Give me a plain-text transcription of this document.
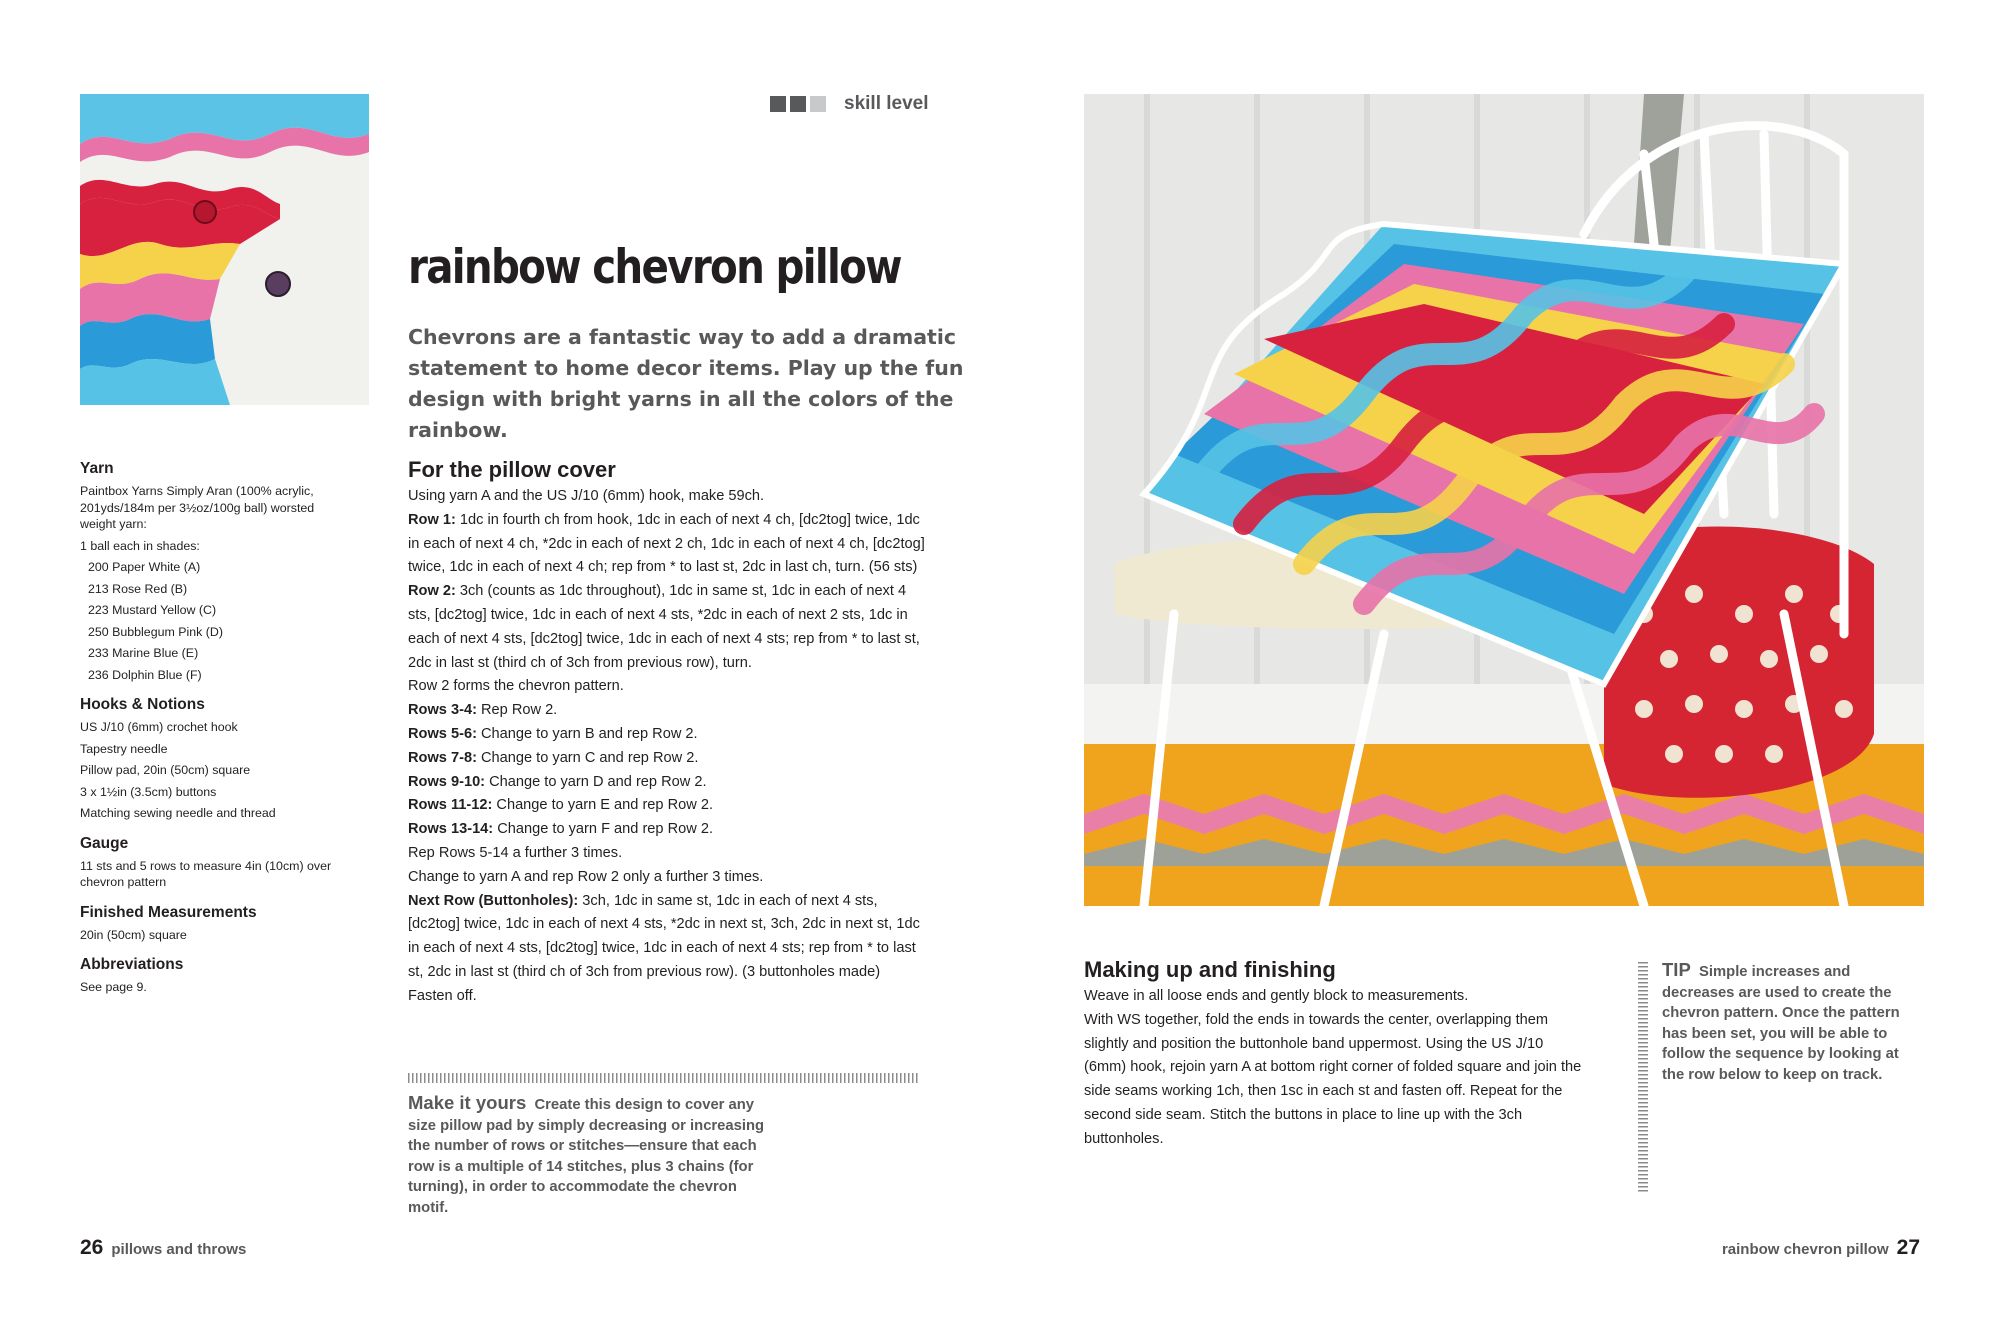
skill level
rainbow chevron pillow
Chevrons are a fantastic way to add a dramatic statement to home decor items. Play up the fun design with bright yarns in all the colors of the rainbow.
Yarn
Paintbox Yarns Simply Aran (100% acrylic, 201yds/184m per 3½oz/100g ball) worsted weight yarn:
1 ball each in shades:
200 Paper White (A)
213 Rose Red (B)
223 Mustard Yellow (C)
250 Bubblegum Pink (D)
233 Marine Blue (E)
236 Dolphin Blue (F)
Hooks & Notions
US J/10 (6mm) crochet hook
Tapestry needle
Pillow pad, 20in (50cm) square
3 x 1½in (3.5cm) buttons
Matching sewing needle and thread
Gauge
11 sts and 5 rows to measure 4in (10cm) over chevron pattern
Finished Measurements
20in (50cm) square
Abbreviations
See page 9.
For the pillow cover
Using yarn A and the US J/10 (6mm) hook, make 59ch.
Row 1: 1dc in fourth ch from hook, 1dc in each of next 4 ch, [dc2tog] twice, 1dc in each of next 4 ch, *2dc in each of next 2 ch, 1dc in each of next 4 ch, [dc2tog] twice, 1dc in each of next 4 ch; rep from * to last st, 2dc in last ch, turn. (56 sts)
Row 2: 3ch (counts as 1dc throughout), 1dc in same st, 1dc in each of next 4 sts, [dc2tog] twice, 1dc in each of next 4 sts, *2dc in each of next 2 sts, 1dc in each of next 4 sts, [dc2tog] twice, 1dc in each of next 4 sts; rep from * to last st, 2dc in last st (third ch of 3ch from previous row), turn.
Row 2 forms the chevron pattern.
Rows 3-4: Rep Row 2.
Rows 5-6: Change to yarn B and rep Row 2.
Rows 7-8: Change to yarn C and rep Row 2.
Rows 9-10: Change to yarn D and rep Row 2.
Rows 11-12: Change to yarn E and rep Row 2.
Rows 13-14: Change to yarn F and rep Row 2.
Rep Rows 5-14 a further 3 times.
Change to yarn A and rep Row 2 only a further 3 times.
Next Row (Buttonholes): 3ch, 1dc in same st, 1dc in each of next 4 sts, [dc2tog] twice, 1dc in each of next 4 sts, *2dc in next st, 3ch, 2dc in next st, 1dc in each of next 4 sts, [dc2tog] twice, 1dc in each of next 4 sts; rep from * to last st, 2dc in last st (third ch of 3ch from previous row). (3 buttonholes made)
Fasten off.
Make it yours Create this design to cover any size pillow pad by simply decreasing or increasing the number of rows or stitches—ensure that each row is a multiple of 14 stitches, plus 3 chains (for turning), in order to accommodate the chevron motif.
26 pillows and throws
Making up and finishing
Weave in all loose ends and gently block to measurements.
With WS together, fold the ends in towards the center, overlapping them slightly and position the buttonhole band uppermost. Using the US J/10 (6mm) hook, rejoin yarn A at bottom right corner of folded square and join the side seams working 1ch, then 1sc in each st and fasten off. Repeat for the second side seam. Stitch the buttons in place to line up with the 3ch buttonholes.
TIP Simple increases and decreases are used to create the chevron pattern. Once the pattern has been set, you will be able to follow the sequence by looking at the row below to keep on track.
rainbow chevron pillow 27
